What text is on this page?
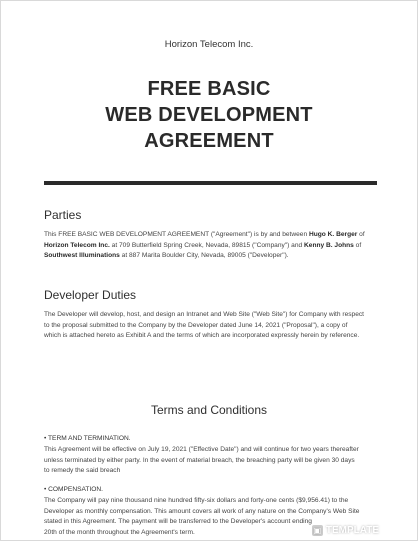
Horizon Telecom Inc.
FREE BASIC
WEB DEVELOPMENT
AGREEMENT
Parties
This FREE BASIC WEB DEVELOPMENT AGREEMENT ("Agreement") is by and between Hugo K. Berger of
Horizon Telecom Inc. at 709 Butterfield Spring Creek, Nevada, 89815 ("Company") and Kenny B. Johns of
Southwest Illuminations at 887 Marita Boulder City, Nevada, 89005 ("Developer").
Developer Duties
The Developer will develop, host, and design an Intranet and Web Site ("Web Site") for Company with respect
to the proposal submitted to the Company by the Developer dated June 14, 2021 ("Proposal"), a copy of
which is attached hereto as Exhibit A and the terms of which are incorporated expressly herein by reference.
Terms and Conditions
• TERM AND TERMINATION.
This Agreement will be effective on July 19, 2021 ("Effective Date") and will continue for two years thereafter
unless terminated by either party. In the event of material breach, the breaching party will be given 30 days
to remedy the said breach
• COMPENSATION.
The Company will pay nine thousand nine hundred fifty-six dollars and forty-one cents ($9,956.41) to the
Developer as monthly compensation. This amount covers all work of any nature on the Company's Web Site
stated in this Agreement. The payment will be transferred to the Developer's account ending
20th of the month throughout the Agreement's term.	▣ TEMPLATE
